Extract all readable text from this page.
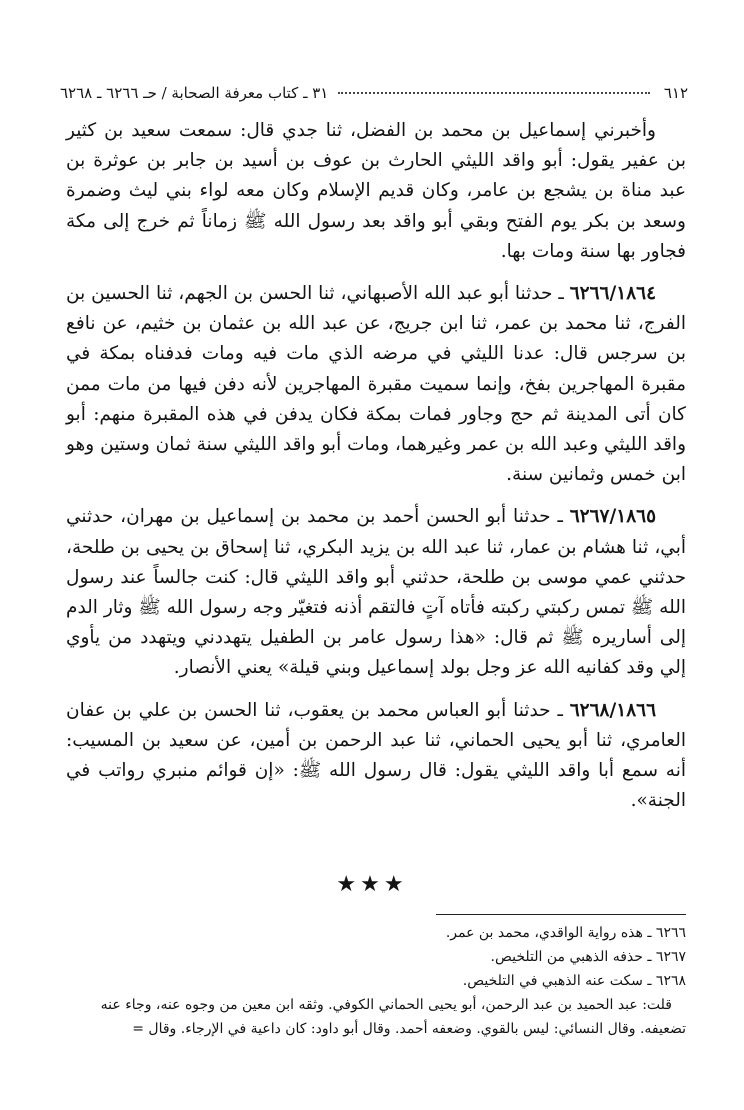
٦١٢
٣١ ـ كتاب معرفة الصحابة / حـ ٦٢٦٦ ـ ٦٢٦٨

وأخبرني إسماعيل بن محمد بن الفضل، ثنا جدي قال: سمعت سعيد بن كثير بن عفير يقول: أبو واقد الليثي الحارث بن عوف بن أسيد بن جابر بن عوثرة بن عبد مناة بن يشجع بن عامر، وكان قديم الإسلام وكان معه لواء بني ليث وضمرة وسعد بن بكر يوم الفتح وبقي أبو واقد بعد رسول الله ﷺ زماناً ثم خرج إلى مكة فجاور بها سنة ومات بها.

٦٢٦٦/١٨٦٤ ـ حدثنا أبو عبد الله الأصبهاني، ثنا الحسن بن الجهم، ثنا الحسين بن الفرج، ثنا محمد بن عمر، ثنا ابن جريج، عن عبد الله بن عثمان بن خثيم، عن نافع بن سرجس قال: عدنا الليثي في مرضه الذي مات فيه ومات فدفناه بمكة في مقبرة المهاجرين بفخ، وإنما سميت مقبرة المهاجرين لأنه دفن فيها من مات ممن كان أتى المدينة ثم حج وجاور فمات بمكة فكان يدفن في هذه المقبرة منهم: أبو واقد الليثي وعبد الله بن عمر وغيرهما، ومات أبو واقد الليثي سنة ثمان وستين وهو ابن خمس وثمانين سنة.

٦٢٦٧/١٨٦٥ ـ حدثنا أبو الحسن أحمد بن محمد بن إسماعيل بن مهران، حدثني أبي، ثنا هشام بن عمار، ثنا عبد الله بن يزيد البكري، ثنا إسحاق بن يحيى بن طلحة، حدثني عمي موسى بن طلحة، حدثني أبو واقد الليثي قال: كنت جالساً عند رسول الله ﷺ تمس ركبتي ركبته فأتاه آتٍ فالتقم أذنه فتغيّر وجه رسول الله ﷺ وثار الدم إلى أساريره ﷺ ثم قال: «هذا رسول عامر بن الطفيل يتهددني ويتهدد من يأوي إلي وقد كفانيه الله عز وجل بولد إسماعيل وبني قيلة» يعني الأنصار.

٦٢٦٨/١٨٦٦ ـ حدثنا أبو العباس محمد بن يعقوب، ثنا الحسن بن علي بن عفان العامري، ثنا أبو يحيى الحماني، ثنا عبد الرحمن بن أمين، عن سعيد بن المسيب: أنه سمع أبا واقد الليثي يقول: قال رسول الله ﷺ: «إن قوائم منبري رواتب في الجنة».

★★★

٦٢٦٦ ـ هذه رواية الواقدي، محمد بن عمر.

٦٢٦٧ ـ حذفه الذهبي من التلخيص.

٦٢٦٨ ـ سكت عنه الذهبي في التلخيص.

قلت: عبد الحميد بن عبد الرحمن، أبو يحيى الحماني الكوفي. وثقه ابن معين من وجوه عنه، وجاء عنه تضعيفه. وقال النسائي: ليس بالقوي. وضعفه أحمد. وقال أبو داود: كان داعية في الإرجاء. وقال =
